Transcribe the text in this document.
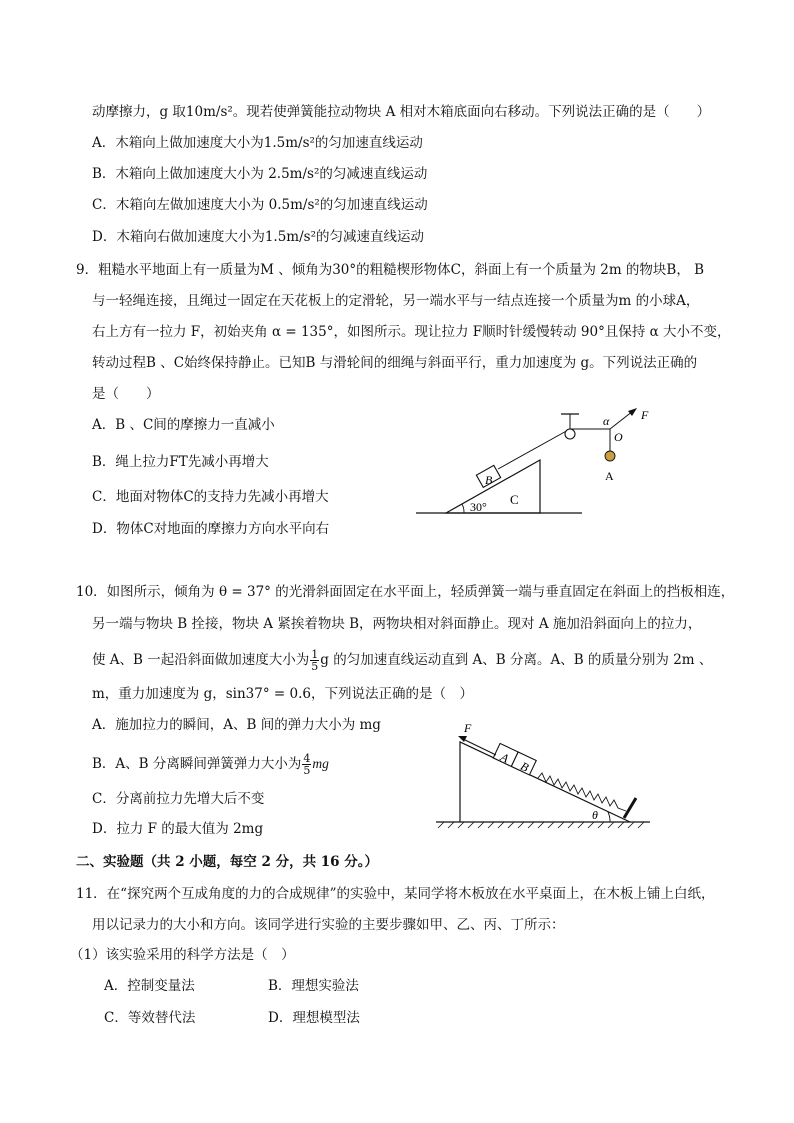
动摩擦力，g 取10m/s²。现若使弹簧能拉动物块 A 相对木箱底面向右移动。下列说法正确的是（　　）
A．木箱向上做加速度大小为1.5m/s²的匀加速直线运动
B．木箱向上做加速度大小为 2.5m/s²的匀减速直线运动
C．木箱向左做加速度大小为 0.5m/s²的匀加速直线运动
D．木箱向右做加速度大小为1.5m/s²的匀减速直线运动
9．粗糙水平地面上有一质量为M 、倾角为30°的粗糙楔形物体C，斜面上有一个质量为 2m 的物块B， B
与一轻绳连接，且绳过一固定在天花板上的定滑轮，另一端水平与一结点连接一个质量为m 的小球A，
右上方有一拉力 F，初始夹角 α = 135°，如图所示。现让拉力 F顺时针缓慢转动 90°且保持 α 大小不变，
转动过程B 、C始终保持静止。已知B 与滑轮间的细绳与斜面平行，重力加速度为 g。下列说法正确的
是（　　）
A．B 、C间的摩擦力一直减小
B．绳上拉力FT先减小再增大
C．地面对物体C的支持力先减小再增大
D．物体C对地面的摩擦力方向水平向右
30° C
B
α	F
O
A
10．如图所示，倾角为 θ = 37° 的光滑斜面固定在水平面上，轻质弹簧一端与垂直固定在斜面上的挡板相连，
另一端与物块 B 拴接，物块 A 紧挨着物块 B，两物块相对斜面静止。现对 A 施加沿斜面向上的拉力，
使 A、B 一起沿斜面做加速度大小为 $\frac{1}{5}$ g 的匀加速直线运动直到 A、B 分离。A、B 的质量分别为 2m 、
m，重力加速度为 g，sin37° = 0.6，下列说法正确的是（　）
A．施加拉力的瞬间，A、B 间的弹力大小为 mg
B．A、B 分离瞬间弹簧弹力大小为 $\frac{4}{5}$ mg
C．分离前拉力先增大后不变
D．拉力 F 的最大值为 2mg
A
B
F
θ
二、实验题（共 2 小题，每空 2 分，共 16 分。）
11．在“探究两个互成角度的力的合成规律”的实验中，某同学将木板放在水平桌面上，在木板上铺上白纸，
用以记录力的大小和方向。该同学进行实验的主要步骤如甲、乙、丙、丁所示：
（1）该实验采用的科学方法是（　）
A．控制变量法	B．理想实验法
C．等效替代法	D．理想模型法
